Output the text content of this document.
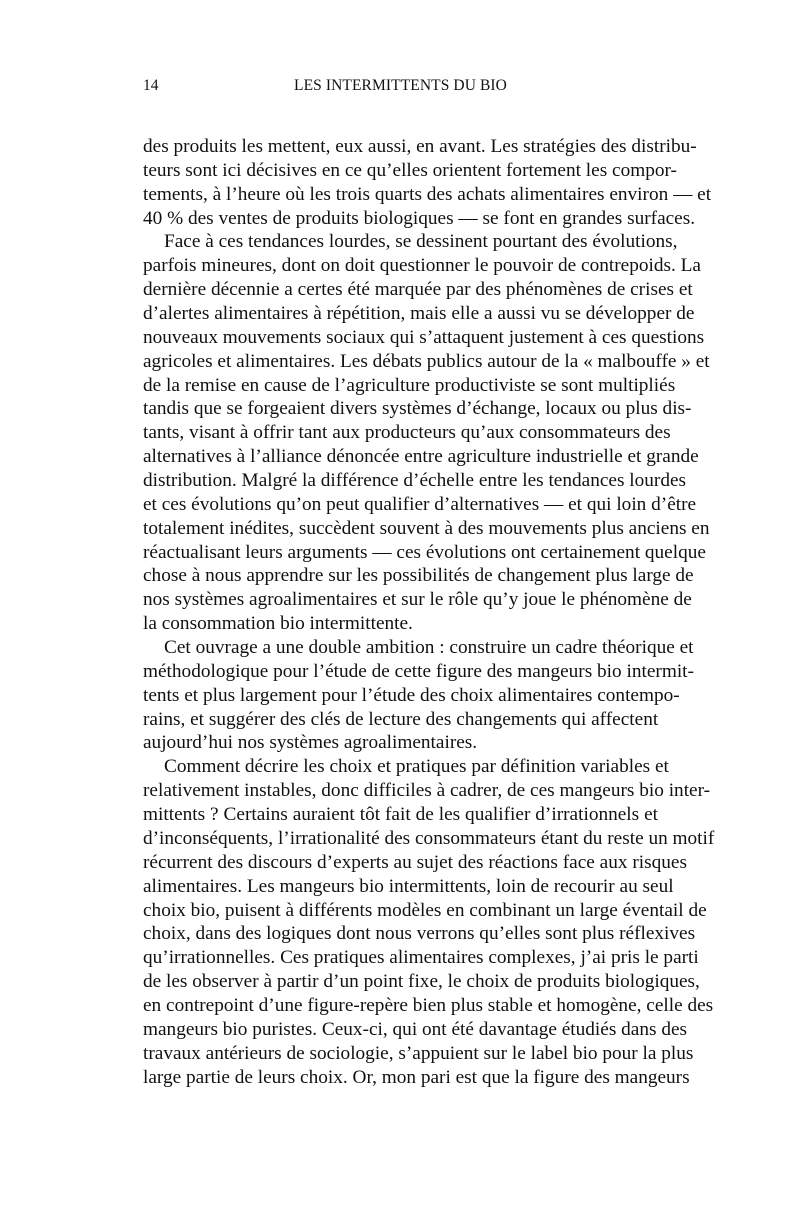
14	LES INTERMITTENTS DU BIO
des produits les mettent, eux aussi, en avant. Les stratégies des distribu-
teurs sont ici décisives en ce qu’elles orientent fortement les compor-
tements, à l’heure où les trois quarts des achats alimentaires environ — et
40 % des ventes de produits biologiques — se font en grandes surfaces.
Face à ces tendances lourdes, se dessinent pourtant des évolutions,
parfois mineures, dont on doit questionner le pouvoir de contrepoids. La
dernière décennie a certes été marquée par des phénomènes de crises et
d’alertes alimentaires à répétition, mais elle a aussi vu se développer de
nouveaux mouvements sociaux qui s’attaquent justement à ces questions
agricoles et alimentaires. Les débats publics autour de la « malbouffe » et
de la remise en cause de l’agriculture productiviste se sont multipliés
tandis que se forgeaient divers systèmes d’échange, locaux ou plus dis-
tants, visant à offrir tant aux producteurs qu’aux consommateurs des
alternatives à l’alliance dénoncée entre agriculture industrielle et grande
distribution. Malgré la différence d’échelle entre les tendances lourdes
et ces évolutions qu’on peut qualifier d’alternatives — et qui loin d’être
totalement inédites, succèdent souvent à des mouvements plus anciens en
réactualisant leurs arguments — ces évolutions ont certainement quelque
chose à nous apprendre sur les possibilités de changement plus large de
nos systèmes agroalimentaires et sur le rôle qu’y joue le phénomène de
la consommation bio intermittente.
Cet ouvrage a une double ambition : construire un cadre théorique et
méthodologique pour l’étude de cette figure des mangeurs bio intermit-
tents et plus largement pour l’étude des choix alimentaires contempo-
rains, et suggérer des clés de lecture des changements qui affectent
aujourd’hui nos systèmes agroalimentaires.
Comment décrire les choix et pratiques par définition variables et
relativement instables, donc difficiles à cadrer, de ces mangeurs bio inter-
mittents ? Certains auraient tôt fait de les qualifier d’irrationnels et
d’inconséquents, l’irrationalité des consommateurs étant du reste un motif
récurrent des discours d’experts au sujet des réactions face aux risques
alimentaires. Les mangeurs bio intermittents, loin de recourir au seul
choix bio, puisent à différents modèles en combinant un large éventail de
choix, dans des logiques dont nous verrons qu’elles sont plus réflexives
qu’irrationnelles. Ces pratiques alimentaires complexes, j’ai pris le parti
de les observer à partir d’un point fixe, le choix de produits biologiques,
en contrepoint d’une figure-repère bien plus stable et homogène, celle des
mangeurs bio puristes. Ceux-ci, qui ont été davantage étudiés dans des
travaux antérieurs de sociologie, s’appuient sur le label bio pour la plus
large partie de leurs choix. Or, mon pari est que la figure des mangeurs
